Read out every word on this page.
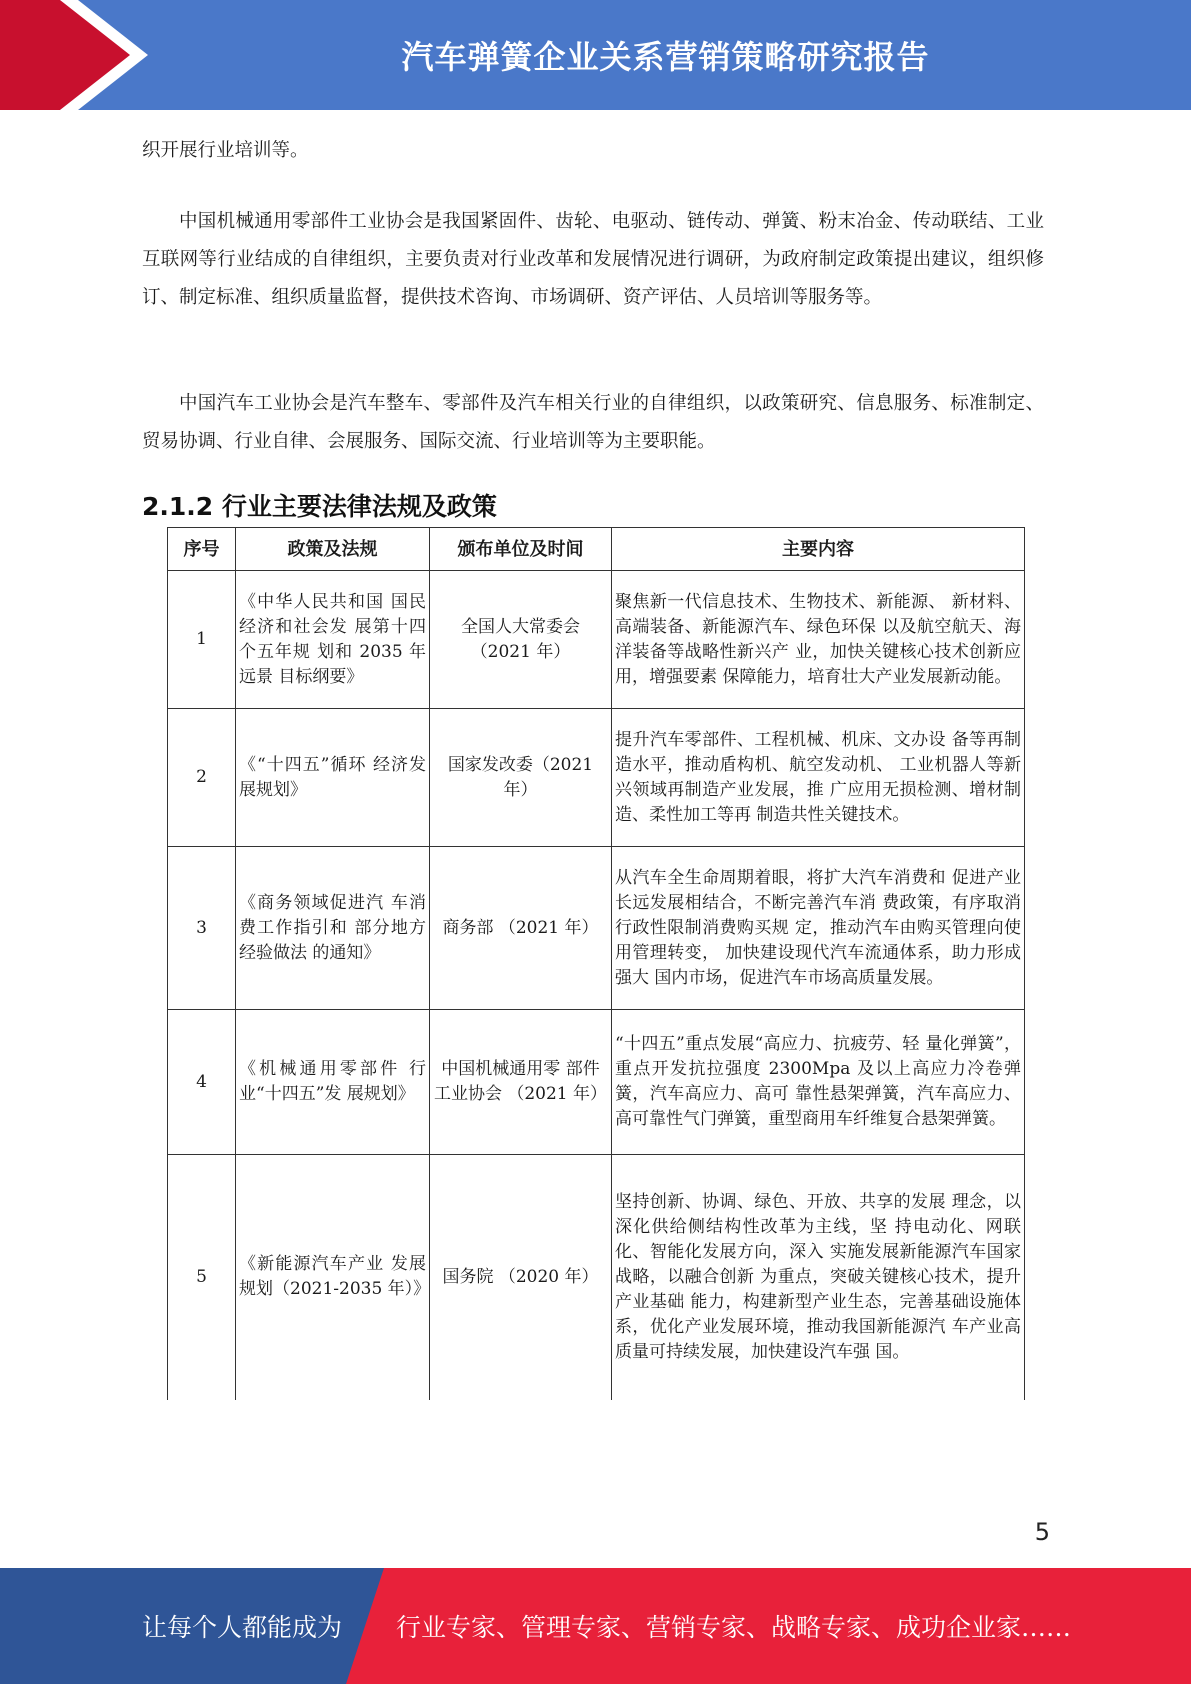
汽车弹簧企业关系营销策略研究报告

织开展行业培训等。

中国机械通用零部件工业协会是我国紧固件、齿轮、电驱动、链传动、弹簧、粉末冶金、传动联结、工业互联网等行业结成的自律组织，主要负责对行业改革和发展情况进行调研，为政府制定政策提出建议，组织修订、制定标准、组织质量监督，提供技术咨询、市场调研、资产评估、人员培训等服务等。

中国汽车工业协会是汽车整车、零部件及汽车相关行业的自律组织，以政策研究、信息服务、标准制定、贸易协调、行业自律、会展服务、国际交流、行业培训等为主要职能。

2.1.2 行业主要法律法规及政策
序号	政策及法规	颁布单位及时间	主要内容
1	《中华人民共和国 国民经济和社会发 展第十四个五年规 划和 2035 年远景 目标纲要》	全国人大常委会（2021 年）	聚焦新一代信息技术、生物技术、新能源、 新材料、高端装备、新能源汽车、绿色环保 以及航空航天、海洋装备等战略性新兴产 业，加快关键核心技术创新应用，增强要素 保障能力，培育壮大产业发展新动能。
2	《“十四五”循环 经济发展规划》	国家发改委（2021 年）	提升汽车零部件、工程机械、机床、文办设 备等再制造水平，推动盾构机、航空发动机、 工业机器人等新兴领域再制造产业发展，推 广应用无损检测、增材制造、柔性加工等再 制造共性关键技术。
3	《商务领域促进汽 车消费工作指引和 部分地方经验做法 的通知》	商务部 （2021 年）	从汽车全生命周期着眼，将扩大汽车消费和 促进产业长远发展相结合，不断完善汽车消 费政策，有序取消行政性限制消费购买规 定，推动汽车由购买管理向使用管理转变， 加快建设现代汽车流通体系，助力形成强大 国内市场，促进汽车市场高质量发展。
4	《机械通用零部件 行业“十四五”发 展规划》	中国机械通用零 部件工业协会 （2021 年）	“十四五”重点发展“高应力、抗疲劳、轻 量化弹簧”，重点开发抗拉强度 2300Mpa 及以上高应力冷卷弹簧，汽车高应力、高可 靠性悬架弹簧，汽车高应力、高可靠性气门弹簧，重型商用车纤维复合悬架弹簧。
5	《新能源汽车产业 发展规划（2021-2035 年）》	国务院 （2020 年）	坚持创新、协调、绿色、开放、共享的发展 理念，以深化供给侧结构性改革为主线，坚 持电动化、网联化、智能化发展方向，深入 实施发展新能源汽车国家战略，以融合创新 为重点，突破关键核心技术，提升产业基础 能力，构建新型产业生态，完善基础设施体 系，优化产业发展环境，推动我国新能源汽 车产业高质量可持续发展，加快建设汽车强 国。
5
让每个人都能成为 行业专家、管理专家、营销专家、战略专家、成功企业家……
